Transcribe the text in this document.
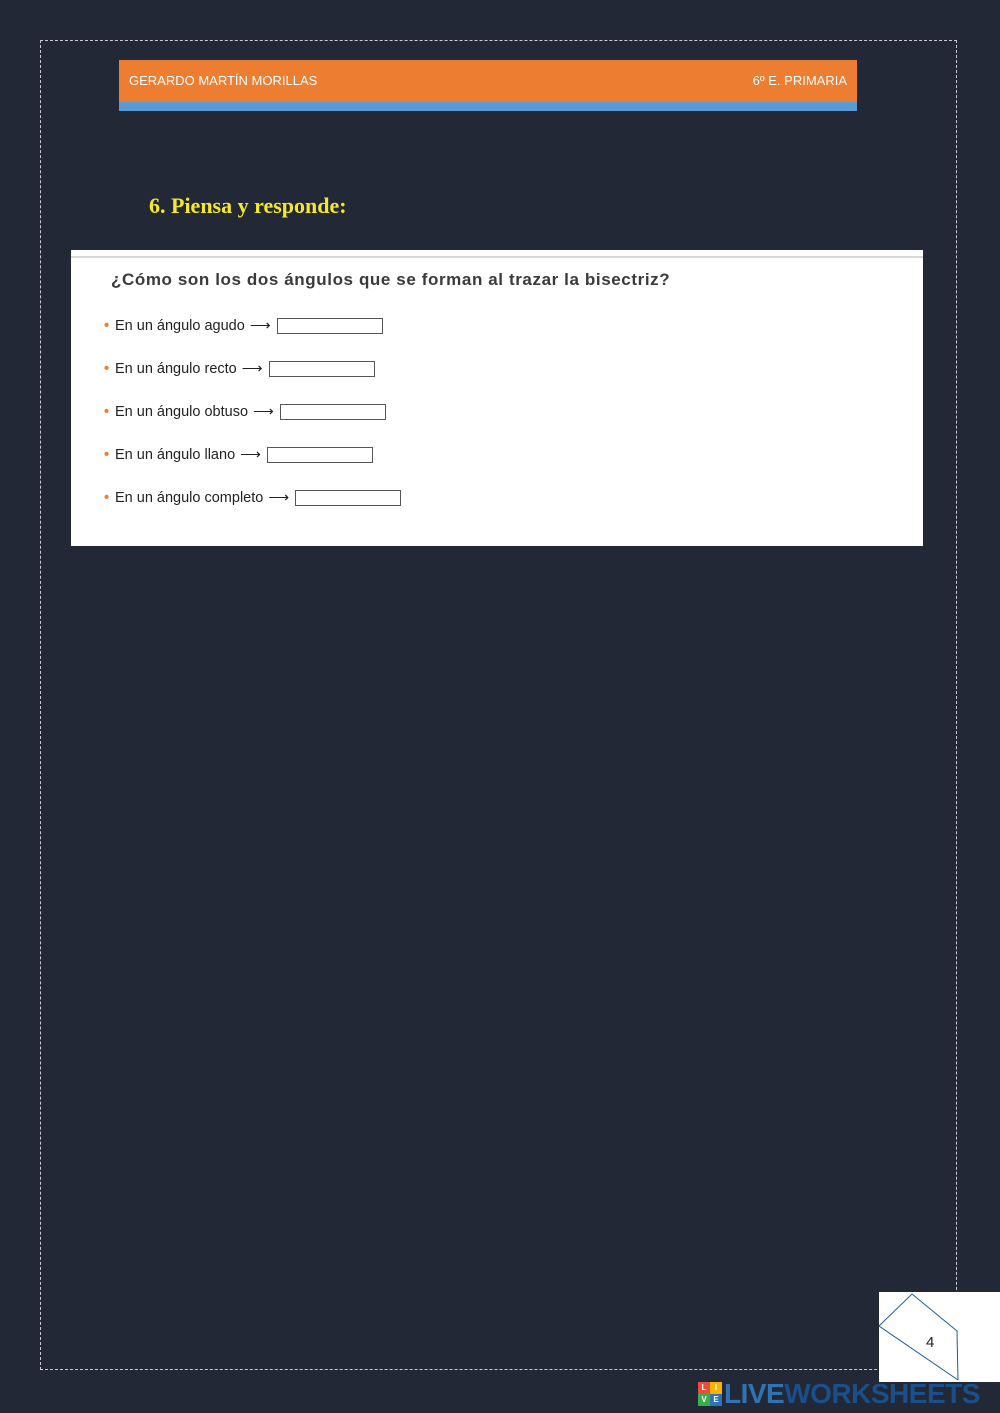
GERARDO MARTÍN MORILLAS	6º E. PRIMARIA
6. Piensa y responde:
¿Cómo son los dos ángulos que se forman al trazar la bisectriz?
• En un ángulo agudo ⟶
• En un ángulo recto ⟶
• En un ángulo obtuso ⟶
• En un ángulo llano ⟶
• En un ángulo completo ⟶
4
L	I
V E LIVE WORKSHEETS
